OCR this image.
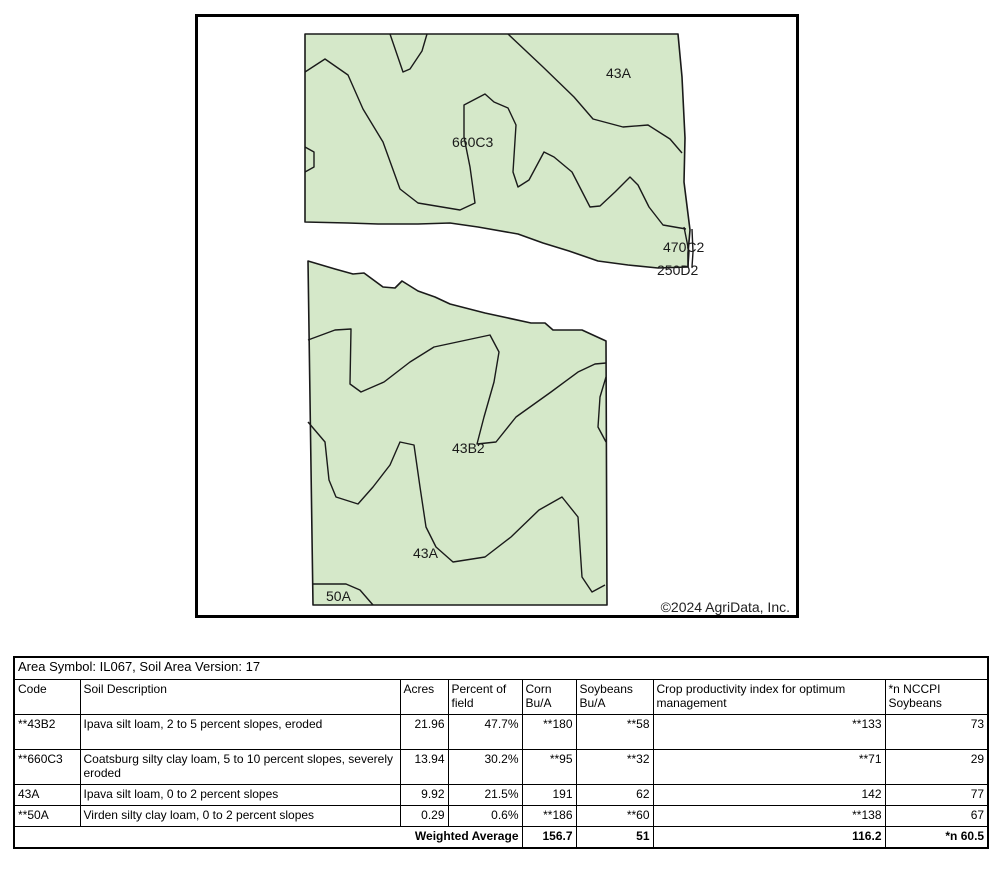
43A
660C3
470C2
250D2
43B2
43A
50A
©2024 AgriData, Inc.
Area Symbol: IL067, Soil Area Version: 17							
Code	Soil Description	Acres	Percent of field	Corn Bu/A	Soybeans Bu/A	Crop productivity index for optimum management	*n NCCPI Soybeans
**43B2	Ipava silt loam, 2 to 5 percent slopes, eroded	21.96	47.7%	**180	**58	**133	73
**660C3	Coatsburg silty clay loam, 5 to 10 percent slopes, severely eroded	13.94	30.2%	**95	**32	**71	29
43A	Ipava silt loam, 0 to 2 percent slopes	9.92	21.5%	191	62	142	77
**50A	Virden silty clay loam, 0 to 2 percent slopes	0.29	0.6%	**186	**60	**138	67
Weighted Average				156.7	51	116.2	*n 60.5
